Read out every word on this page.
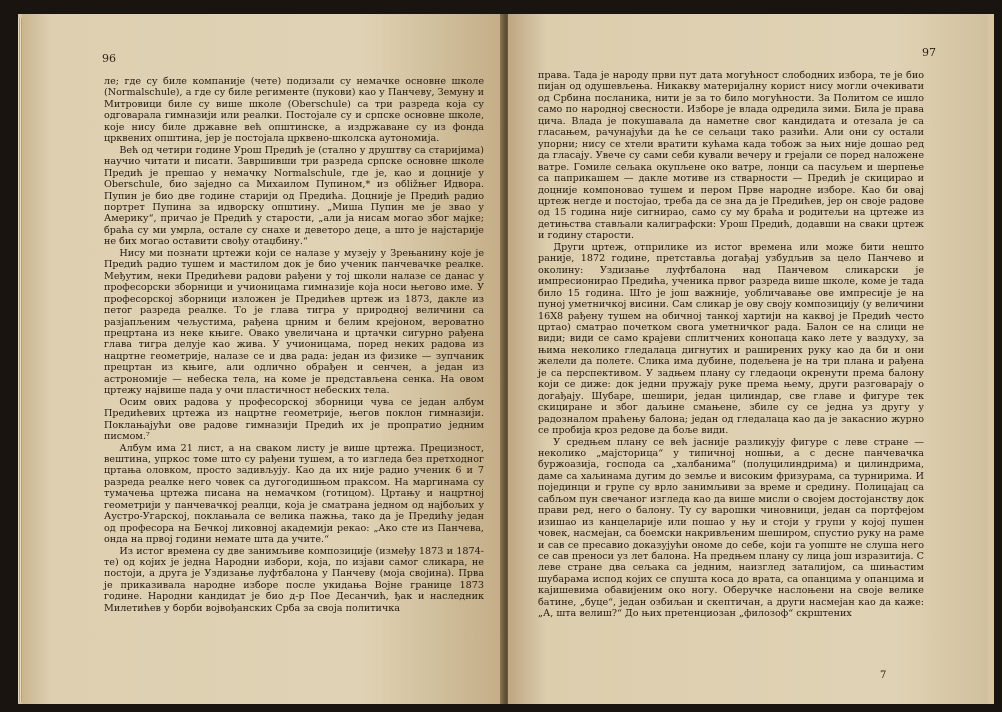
96

ле; где су биле компаније (чете) подизали су немачке основне школе (Normalschule), а где су биле регименте (пукови) као у Панчеву, Земуну и Митровици биле су више школе (Oberschule) са три разреда која су одговарала гимназији или реалки. Постојале су и српске основне школе, које нису биле државне већ општинске, а издржаване су из фонда црквених општина, јер је постојала црквено-школска аутономија.

Већ од четири године Урош Предић је (стално у друштву са старијима) научио читати и писати. Завршивши три разреда српске основне школе Предић је прешао у немачку Normalschule, где је, као и доцније у Oberschule, био заједно са Михаилом Пупином,* из обližњег Идвора. Пупин је био две године старији од Предића. Доцније је Предић радио портрет Пупина за идворску општину. „Миша Пупин ме је звао у Америку“, причао је Предић у старости, „али ја нисам могао због мајке; браћа су ми умрла, остале су снахе и деветоро деце, а што је најстарије не бих могао оставити свођу отаџбину.“

Нису ми познати цртежи који се налазе у музеју у Зрењанину које је Предић радио тушем и мастилом док је био ученик панчевачке реалке. Међутим, неки Предићеви радови рађени у тој школи налазе се данас у професорски зборници и учионицама гимназије која носи његово име. У професорској зборници изложен је Предићев цртеж из 1873, дакле из петог разреда реалке. То је глава тигра у природној величини са разјапљеним чељустима, рађена црним и белим крејоном, вероватно прецртана из неке књиге. Овако увеличана и цртачки сигурно рађена глава тигра делује као жива. У учионицама, поред неких радова из нацртне геометрије, налазе се и два рада: један из физике — зупчаник прецртан из књиге, али одлично обрађен и сенчен, а један из астрономије — небеска тела, на коме је представљена сенка. На овом цртежу највише пада у очи пластичност небеских тела.

Осим ових радова у професорској зборници чува се један албум Предићевих цртежа из нацртне геометрије, његов поклон гимназији. Поклањајући ове радове гимназији Предић их је пропратио једним писмом.⁷

Албум има 21 лист, а на сваком листу је више цртежа. Прецизност, вештина, упркос томе што су рађени тушем, а то изгледа без претходног цртања оловком, просто задивљују. Као да их није радио ученик 6 и 7 разреда реалке него човек са дугогодишњом праксом. На маргинама су тумачења цртежа писана на немачком (готицом). Цртању и нацртној геометрији у панчевачкој реалци, која је сматрана једном од најбољих у Аустро-Угарској, поклањала се велика пажња, тако да је Предићу један од професора на Бечкој ликовној академији рекао: „Ако сте из Панчева, онда на првој години немате шта да учите.“

Из истог времена су две занимљиве композиције (између 1873 и 1874-те) од којих је једна Народни избори, која, по изјави самог сликара, не постоји, а друга је Уздизање луфтбалона у Панчеву (моја својина). Прва је приказивала народне изборе после укидања Војне границе 1873 године. Народни кандидат је био д-р Пое Десанчић, ђак и наследник Милетићев у борби војвођанских Срба за своја политичка

97

права. Тада је народу први пут дата могућност слободних избора, те је био пијан од одушевљења. Никакву материјалну корист нису могли очекивати од Србина посланика, нити је за то било могућности. За Политом се ишло само по народној свесности. Изборе је влада одредила зими. Била је права цича. Влада је покушавала да наметне свог кандидата и отезала је са гласањем, рачунајући да ће се сељаци тако разићи. Али они су остали упорни; нису се хтели вратити кућама када тобож за њих није дошао ред да гласају. Увече су сами себи кували вечеру и грејали се поред наложене ватре. Гомиле сељака окупљене око ватре, лонци са пасуљем и шерпење са паприкашем — дакле мотиве из стварности — Предић је скицирао и доцније компоновао тушем и пером Прве народне изборе. Као би овај цртеж негде и постојао, треба да се зна да је Предићев, јер он своје радове од 15 година није сигнирао, само су му браћа и родитељи на цртеже из детињства стављали калиграфски: Урош Предић, додавши на сваки цртеж и годину старости.

Други цртеж, отприлике из истог времена или може бити нешто раније, 1872 године, претставља догађај узбудљив за цело Панчево и околину: Уздизање луфтбалона над Панчевом сликарски је импресионирао Предића, ученика првог разреда више школе, коме је тада било 15 година. Што је још важније, уобличавање ове импресије је на пуној уметничкој висини. Сам сликар је ову своју композицију (у величини 16X8 рађену тушем на обичној танкој хартији на каквој је Предић често цртао) сматрао почетком свога уметничког рада. Балон се на слици не види; види се само крајеви сплитчених конопаца како лете у ваздуху, за њима неколико гледалаца дигнутих и раширених руку као да би и они желели да полете. Слика има дубине, подељена је на три плана и рађена је са перспективом. У задњем плану су гледаоци окренути према балону који се диже: док једни пружају руке према њему, други разговарају о догађају. Шубаре, шешири, један цилиндар, све главе и фигуре тек скициране и због даљине смањене, збиле су се једна уз другу у радозналом праћењу балона; један од гледалаца као да је закаснио журно се пробија кроз редове да боље види.

У средњем плану се већ јасније разликују фигуре с леве стране — неколико „мајсторица“ у типичној ношњи, а с десне панчевачка буржоазија, господа са „халбанима“ (полуцилиндрима) и цилиндрима, даме са хаљинама дугим до земље и високим фризурама, са турнирима. И појединци и групе су врло занимљиви за време и средину. Полицајац са сабљом пун свечаног изгледа као да више мисли о својем достојанству док прави ред, него о балону. Ту су варошки чиновници, један са портфејом изишао из канцеларије или пошао у њу и стоји у групи у којој пушен човек, насмејан, са боемски накривљеним шеширом, спустио руку на раме и сав се пресавио доказујући ономе до себе, који га уопште не слуша него се сав преноси уз лет балона. На предњем плану су лица још изразитија. С леве стране два сељака са једним, наизглед заталиjом, са шињастим шубарама испод којих се спушта коса до врата, са опанцима у опанцима и кајишевима обавијеним око ногу. Оберучке наслоњени на своје велике батине, „буце“, један озбиљан и скептичан, а други насмејан као да каже: „А, шта велиш?“ До њих претенциозан „филозоф“ скрштених

7
